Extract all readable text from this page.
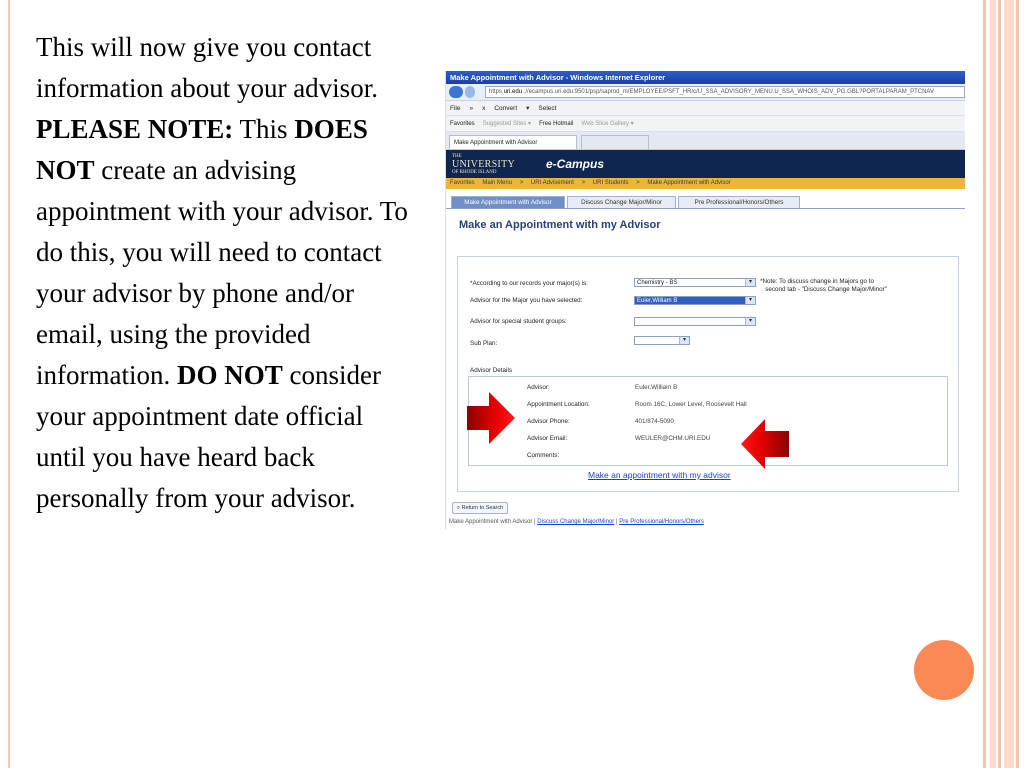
This will now give you contact information about your advisor. PLEASE NOTE: This DOES NOT create an advising appointment with your advisor. To do this, you will need to contact your advisor by phone and/or email, using the provided information. DO NOT consider your appointment date official until you have heard back personally from your advisor.
Make Appointment with Advisor - Windows Internet Explorer
https uri.edu ://ecampus.uri.edu:9501/psp/saprod_m/EMPLOYEE/PSFT_HR/c/U_SSA_ADVISORY_MENU.U_SSA_WHOIS_ADV_PG.GBL?PORTALPARAM_PTCNAV
File » x Convert ▾ Select
Favorites Suggested Sites ▾ Free Hotmail Web Slice Gallery ▾
Make Appointment with Advisor
THE
UNIVERSITY
OF RHODE ISLAND
e-Campus
Favorites Main Menu > URI Advisement > URI Students > Make Appointment with Advisor
Make Appointment with Advisor	Discuss Change Major/Minor	Pre Professional/Honors/Others
Make an Appointment with my Advisor
*According to our records your major(s) is:	Chemistry - BS	▾	*Note: To discuss change in Majors go to
second tab - "Discuss Change Major/Minor"
Advisor for the Major you have selected:	Euler,William B	▾
Advisor for special student groups:	▾
Sub Plan:	▾
Advisor Details
Advisor:	Euler,William B
Appointment Location:	Room 16C, Lower Level, Roosevelt Hall
Advisor Phone:	401/874-5090
Advisor Email:	WEULER@CHM.URI.EDU
Comments:
Make an appointment with my advisor
⌕ Return to Search
Make Appointment with Advisor | Discuss Change Major/Minor | Pre Professional/Honors/Others
